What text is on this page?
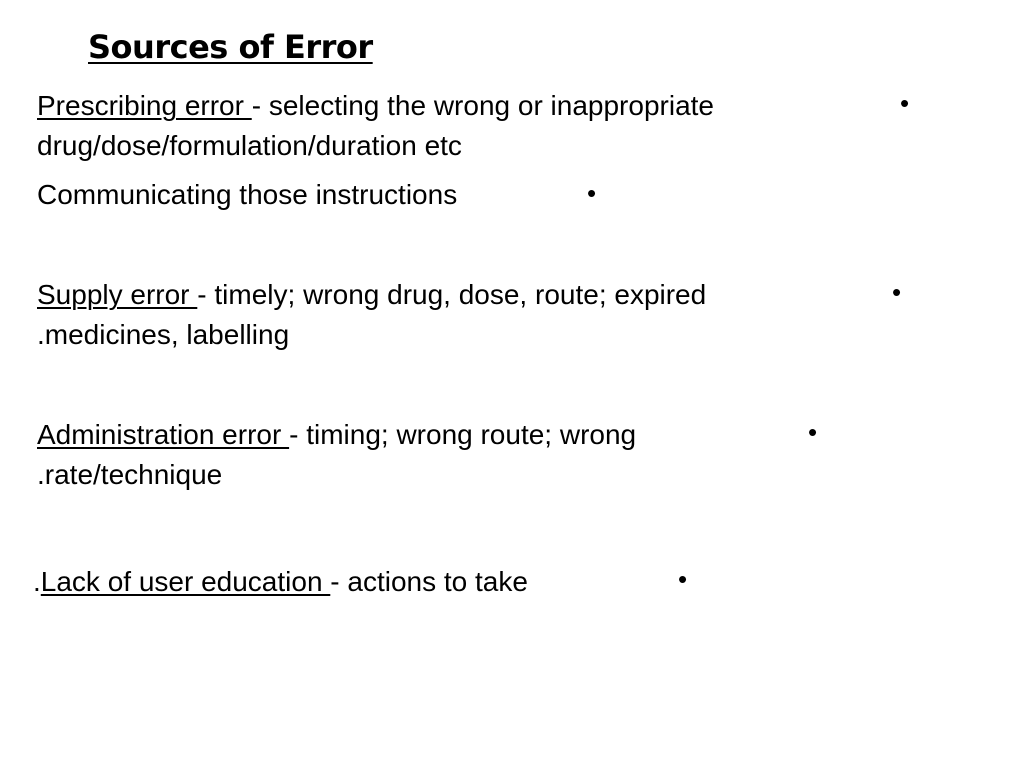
Sources of Error
Prescribing error - selecting the wrong or inappropriate
drug/dose/formulation/duration etc
•
Communicating those instructions	•
Supply error - timely; wrong drug, dose, route; expired
.medicines, labelling
•
Administration error - timing; wrong route; wrong
.rate/technique
•
.Lack of user education - actions to take	•
